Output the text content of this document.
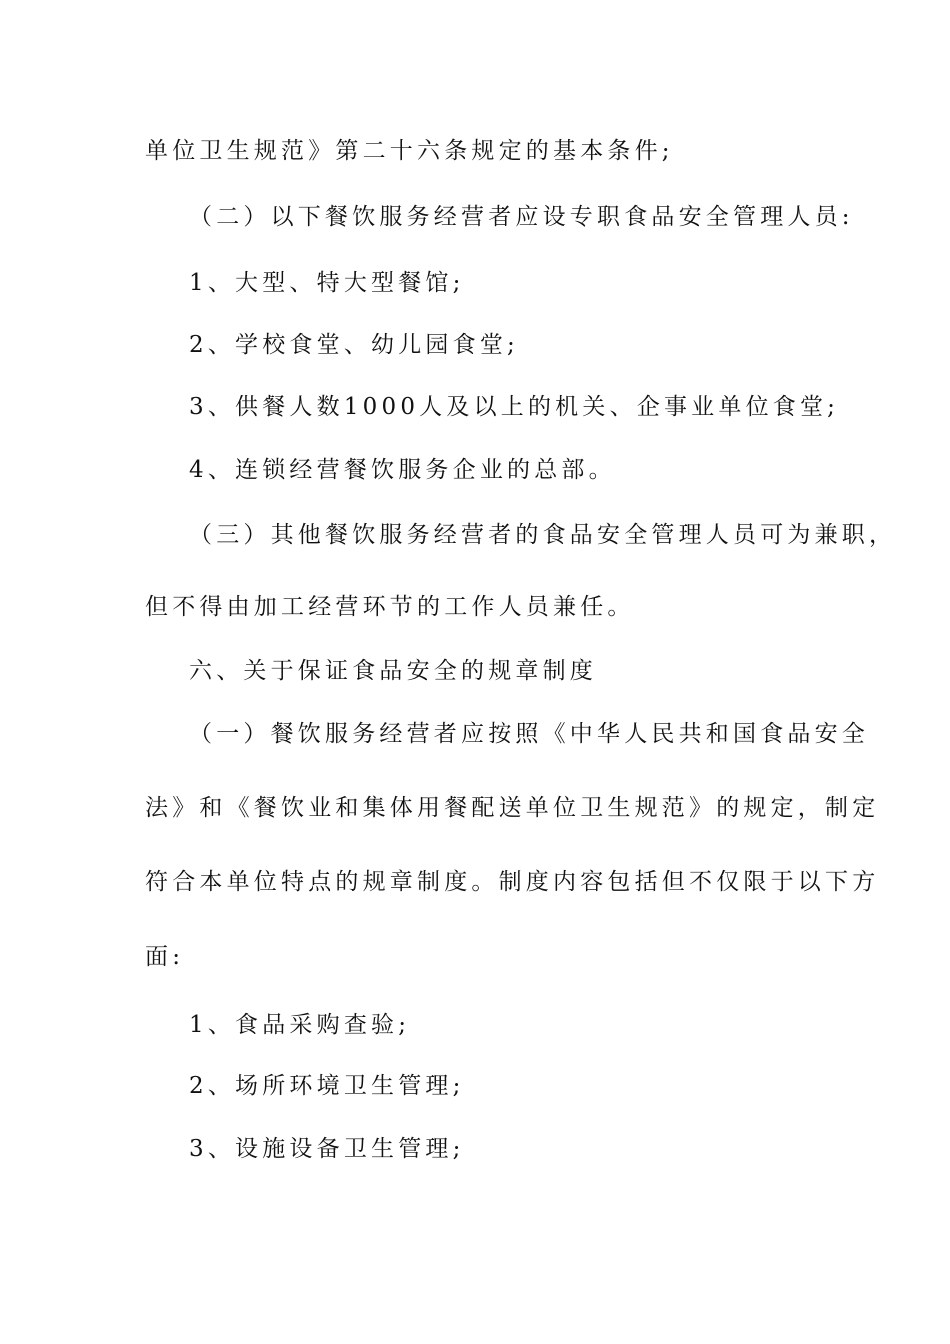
单位卫生规范》第二十六条规定的基本条件;
（二）以下餐饮服务经营者应设专职食品安全管理人员:
1、大型、特大型餐馆;
2、学校食堂、幼儿园食堂;
3、供餐人数1000人及以上的机关、企事业单位食堂;
4、连锁经营餐饮服务企业的总部。
（三）其他餐饮服务经营者的食品安全管理人员可为兼职，
但不得由加工经营环节的工作人员兼任。
六、关于保证食品安全的规章制度
（一）餐饮服务经营者应按照《中华人民共和国食品安全
法》和《餐饮业和集体用餐配送单位卫生规范》的规定，制定
符合本单位特点的规章制度。制度内容包括但不仅限于以下方
面:
1、食品采购查验;
2、场所环境卫生管理;
3、设施设备卫生管理;
